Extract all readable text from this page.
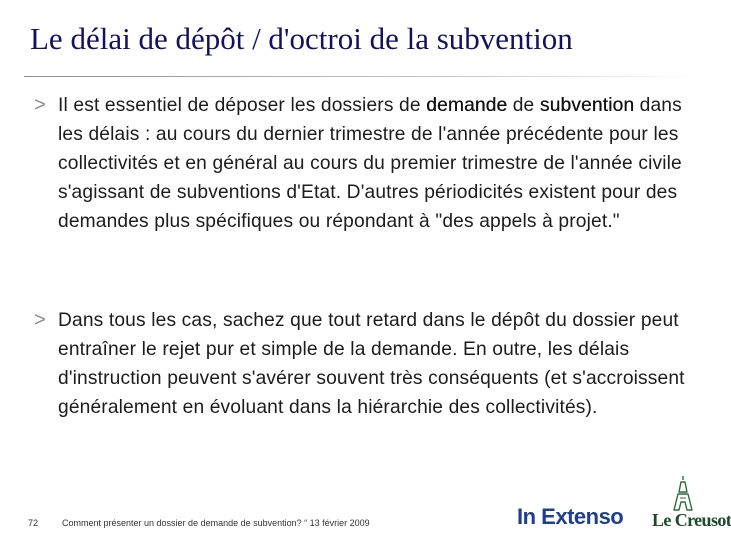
Le délai de dépôt / d'octroi de la subvention
> Il est essentiel de déposer les dossiers de demande de subvention dans les délais : au cours du dernier trimestre de l'année précédente pour les collectivités et en général au cours du premier trimestre de l'année civile s'agissant de subventions d'Etat. D'autres périodicités existent pour des demandes plus spécifiques ou répondant à "des appels à projet."
> Dans tous les cas, sachez que tout retard dans le dépôt du dossier peut entraîner le rejet pur et simple de la demande. En outre, les délais d'instruction peuvent s'avérer souvent très conséquents (et s'accroissent généralement en évoluant dans la hiérarchie des collectivités).
72	Comment présenter un dossier de demande de subvention? “ 13 février 2009	In Extenso Le Creusot
